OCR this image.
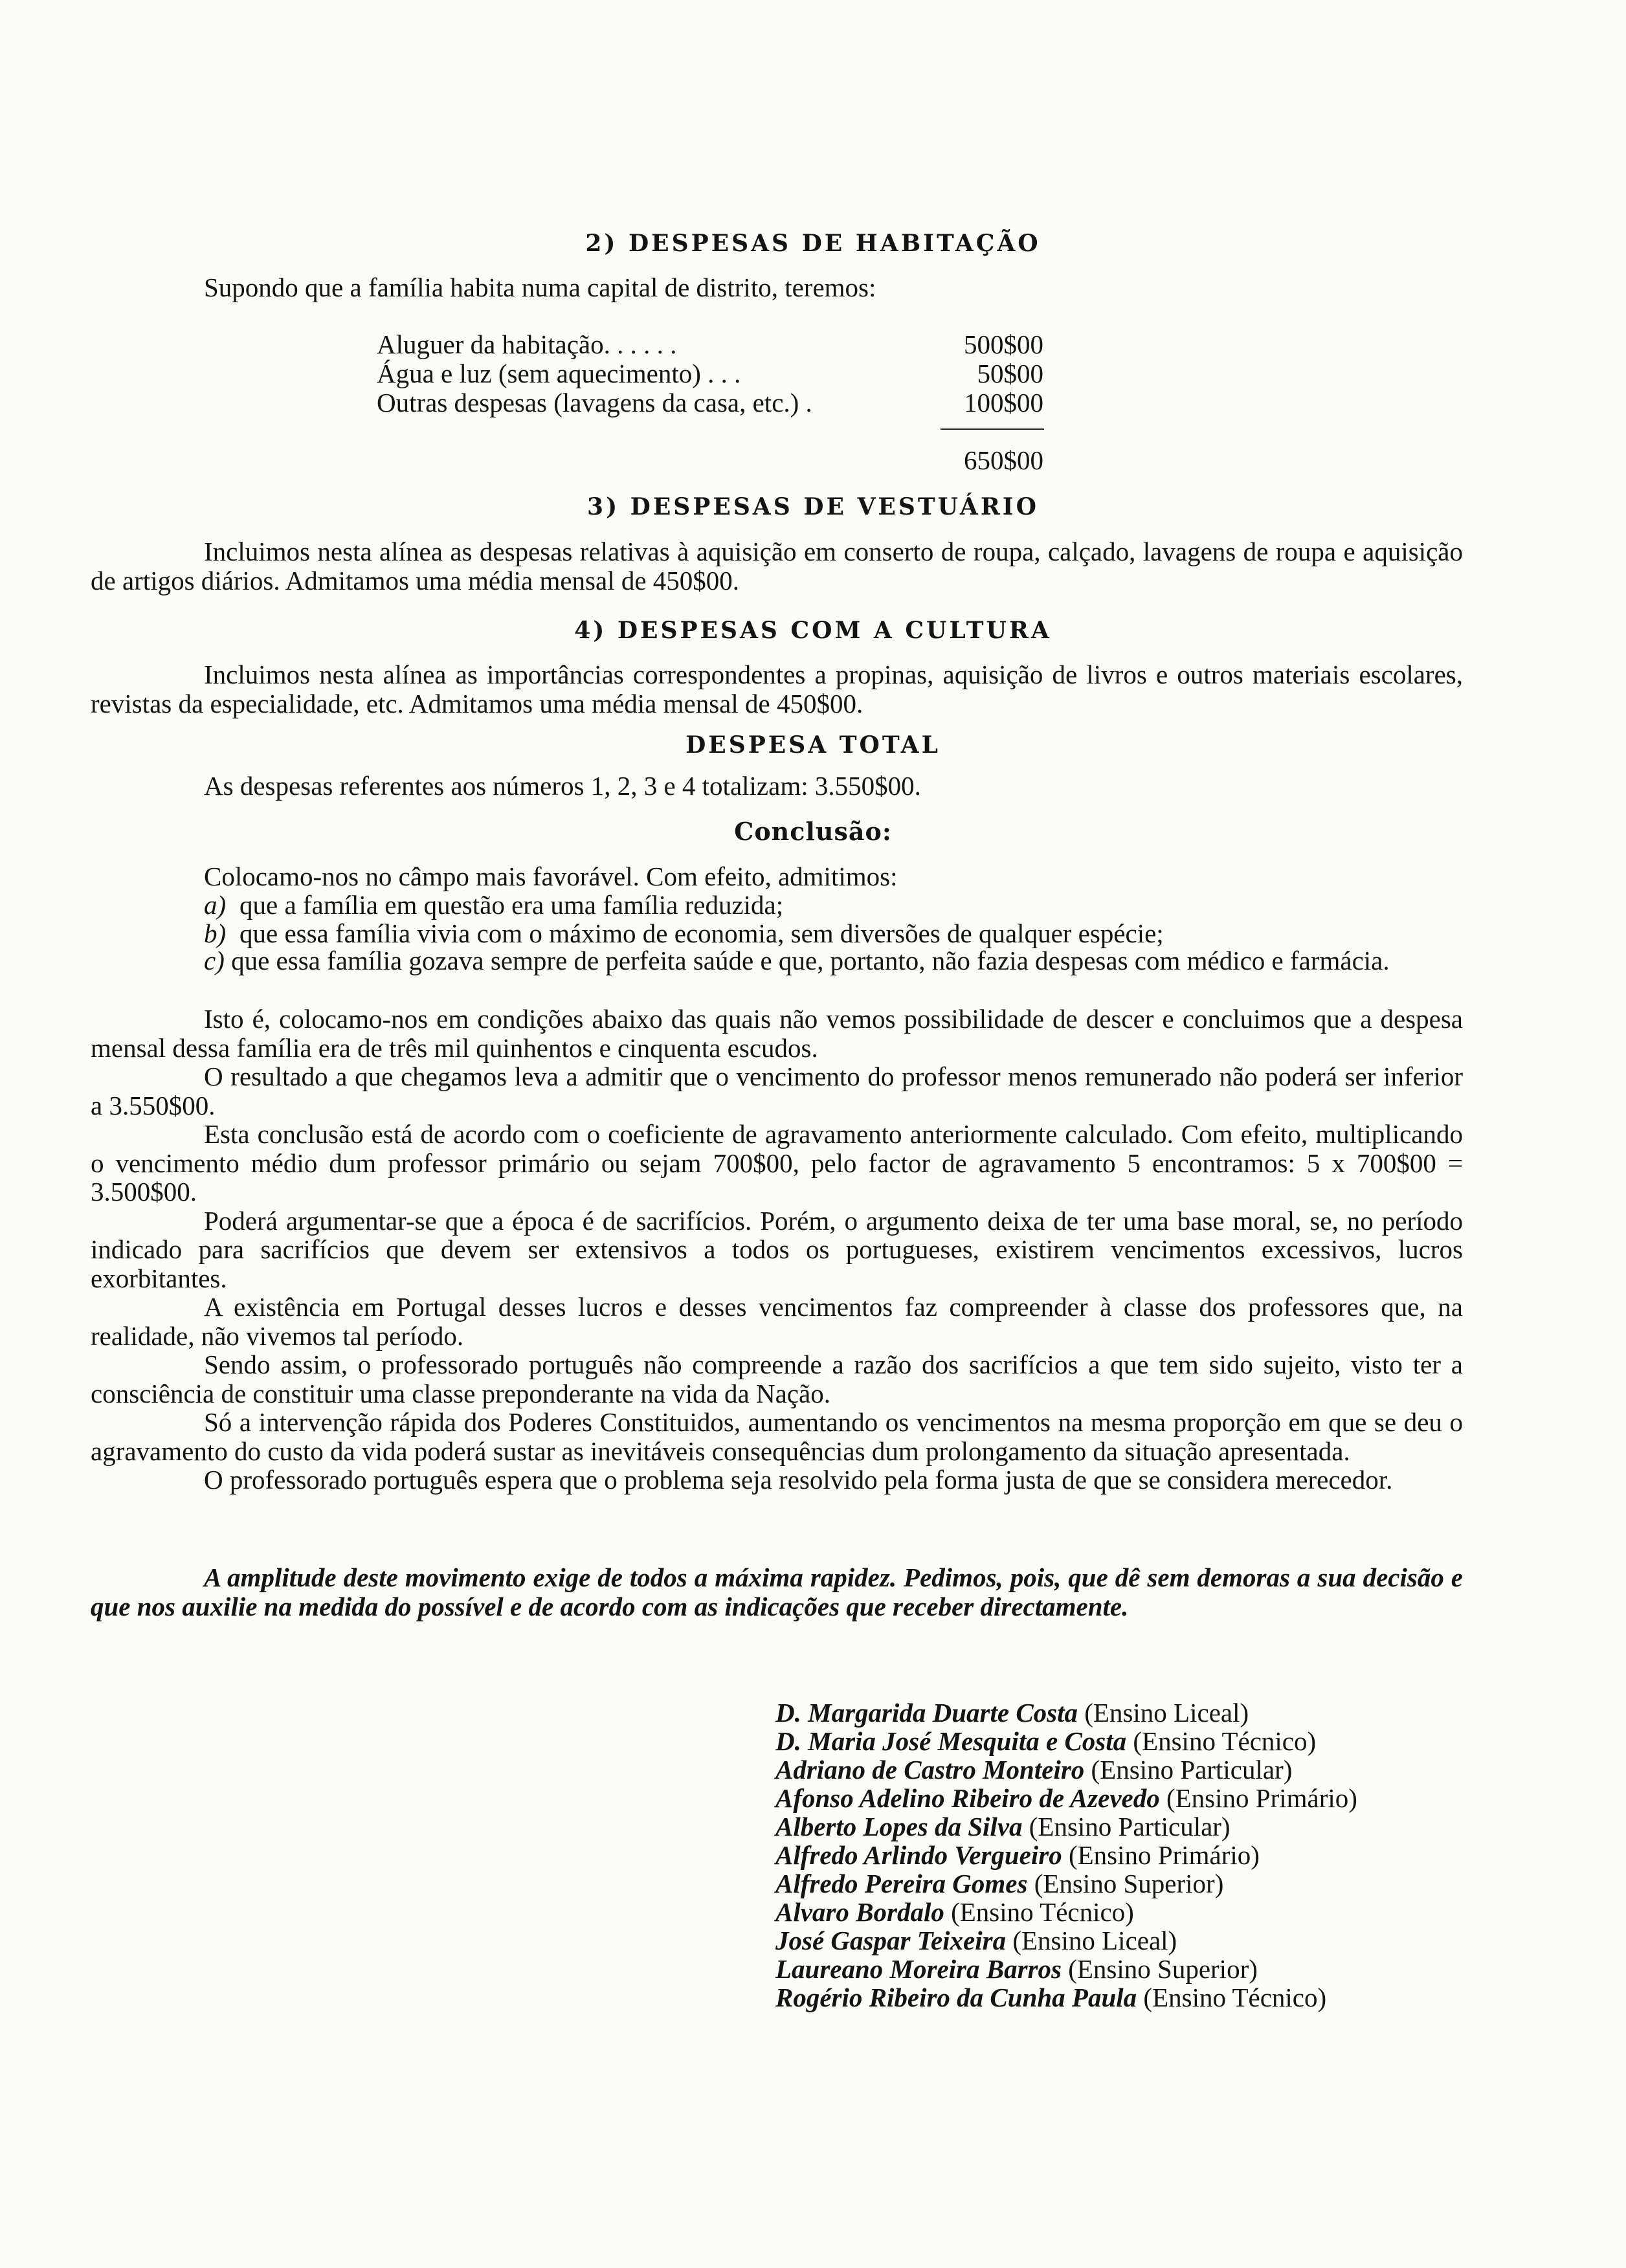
2) DESPESAS DE HABITAÇÃO
Supondo que a família habita numa capital de distrito, teremos:
Aluguer da habitação. . . . . .	500$00
Água e luz (sem aquecimento) . . .	50$00
Outras despesas (lavagens da casa, etc.) .	100$00
650$00
3) DESPESAS DE VESTUÁRIO
Incluimos nesta alínea as despesas relativas à aquisição em conserto de roupa, calçado, lavagens de roupa e aquisição de artigos diários. Admitamos uma média mensal de 450$00.
4) DESPESAS COM A CULTURA
Incluimos nesta alínea as importâncias correspondentes a propinas, aquisição de livros e outros materiais escolares, revistas da especialidade, etc. Admitamos uma média mensal de 450$00.
DESPESA TOTAL
As despesas referentes aos números 1, 2, 3 e 4 totalizam: 3.550$00.
Conclusão:
Colocamo-nos no câmpo mais favorável. Com efeito, admitimos:
a) que a família em questão era uma família reduzida;
b) que essa família vivia com o máximo de economia, sem diversões de qualquer espécie;
c) que essa família gozava sempre de perfeita saúde e que, portanto, não fazia despesas com médico e farmácia.
Isto é, colocamo-nos em condições abaixo das quais não vemos possibilidade de descer e concluimos que a despesa mensal dessa família era de três mil quinhentos e cinquenta escudos.
O resultado a que chegamos leva a admitir que o vencimento do professor menos remunerado não poderá ser inferior a 3.550$00.
Esta conclusão está de acordo com o coeficiente de agravamento anteriormente calculado. Com efeito, multiplicando o vencimento médio dum professor primário ou sejam 700$00, pelo factor de agravamento 5 encontramos: 5 x 700$00 = 3.500$00.
Poderá argumentar-se que a época é de sacrifícios. Porém, o argumento deixa de ter uma base moral, se, no período indicado para sacrifícios que devem ser extensivos a todos os portugueses, existirem vencimentos excessivos, lucros exorbitantes.
A existência em Portugal desses lucros e desses vencimentos faz compreender à classe dos professores que, na realidade, não vivemos tal período.
Sendo assim, o professorado português não compreende a razão dos sacrifícios a que tem sido sujeito, visto ter a consciência de constituir uma classe preponderante na vida da Nação.
Só a intervenção rápida dos Poderes Constituidos, aumentando os vencimentos na mesma proporção em que se deu o agravamento do custo da vida poderá sustar as inevitáveis consequências dum prolongamento da situação apresentada.
O professorado português espera que o problema seja resolvido pela forma justa de que se considera merecedor.
A amplitude deste movimento exige de todos a máxima rapidez. Pedimos, pois, que dê sem demoras a sua decisão e que nos auxilie na medida do possível e de acordo com as indicações que receber directamente.
D. Margarida Duarte Costa (Ensino Liceal)
D. Maria José Mesquita e Costa (Ensino Técnico)
Adriano de Castro Monteiro (Ensino Particular)
Afonso Adelino Ribeiro de Azevedo (Ensino Primário)
Alberto Lopes da Silva (Ensino Particular)
Alfredo Arlindo Vergueiro (Ensino Primário)
Alfredo Pereira Gomes (Ensino Superior)
Alvaro Bordalo (Ensino Técnico)
José Gaspar Teixeira (Ensino Liceal)
Laureano Moreira Barros (Ensino Superior)
Rogério Ribeiro da Cunha Paula (Ensino Técnico)
